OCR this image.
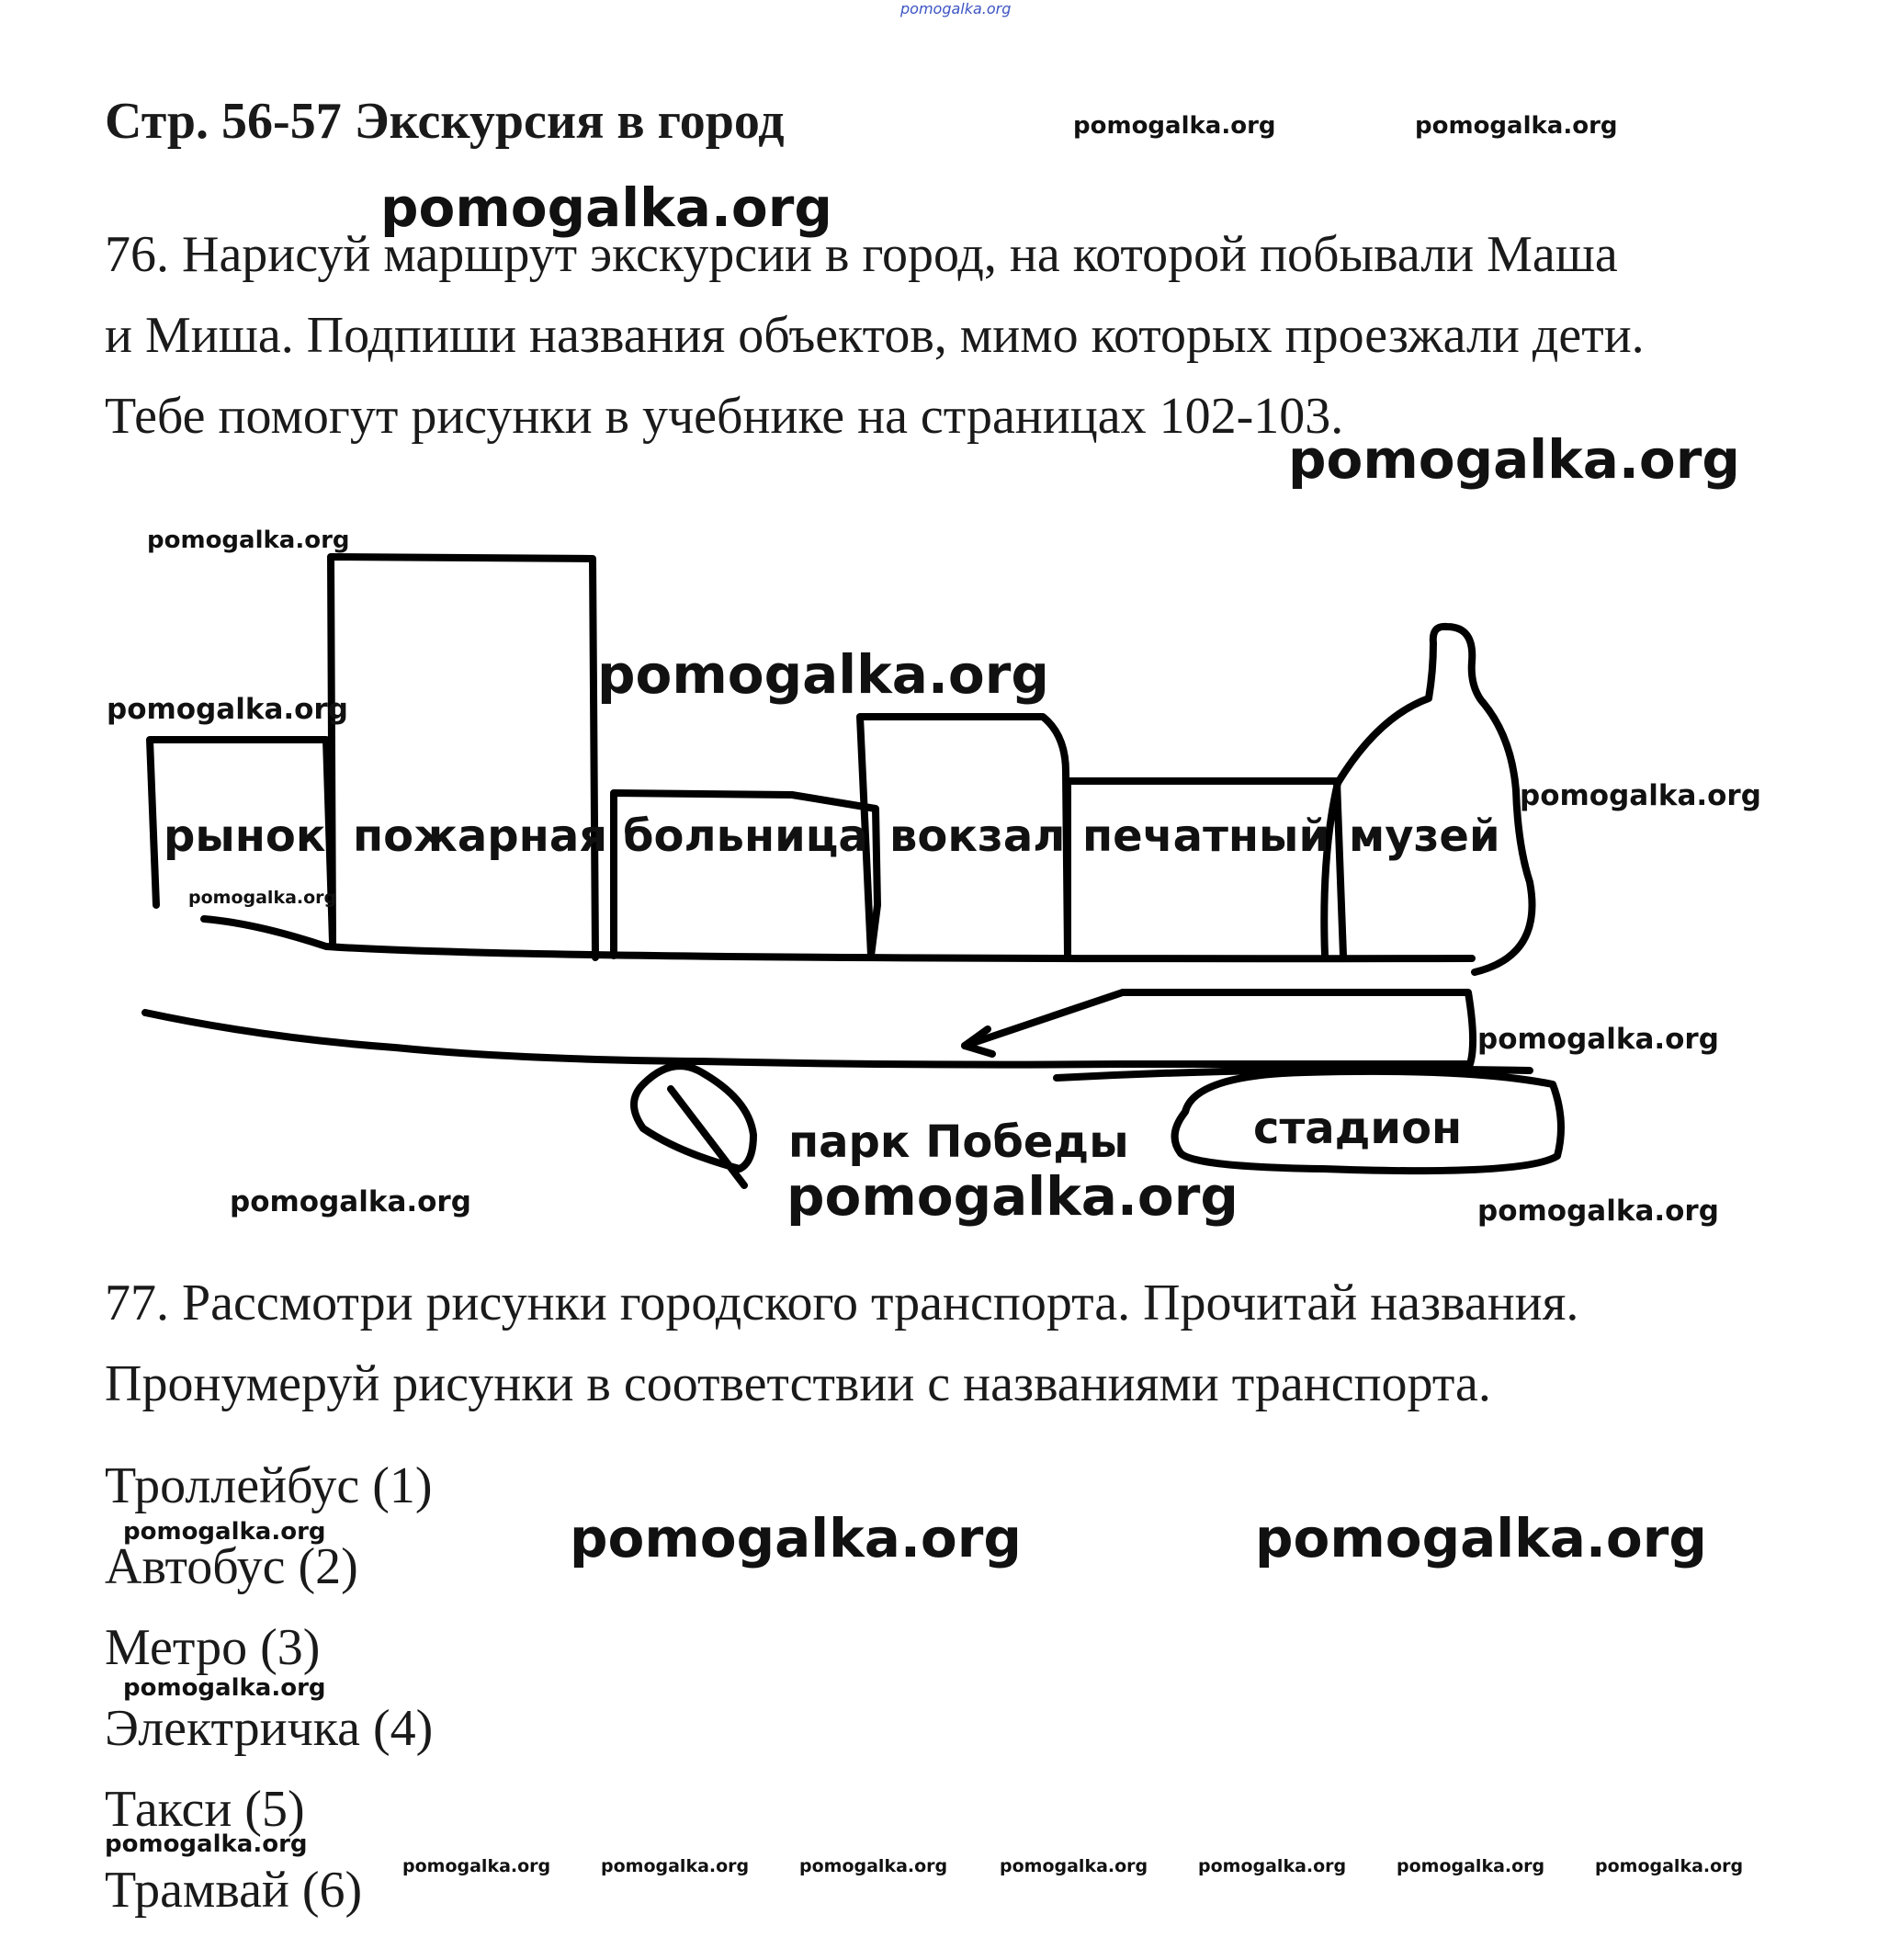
pomogalka.org
Стр. 56-57 Экскурсия в город	pomogalka.org	pomogalka.org
76. Нарисуй маршрут экскурсии в город, на которой побывали Маша
и Миша. Подпиши названия объектов, мимо которых проезжали дети.
Тебе помогут рисунки в учебнике на страницах 102-103.
pomogalka.org
pomogalka.org
рынок пожарная больница вокзал печатный музей
парк Победы	стадион
pomogalka.org
pomogalka.org
pomogalka.org
pomogalka.org
pomogalka.org
pomogalka.org
pomogalka.org
pomogalka.org	pomogalka.org
77. Рассмотри рисунки городского транспорта. Прочитай названия.
Пронумеруй рисунки в соответствии с названиями транспорта.
Троллейбус (1)
Автобус (2)
Метро (3)
Электричка (4)
Такси (5)
Трамвай (6)
pomogalka.org	pomogalka.org	pomogalka.org
pomogalka.org
pomogalka.org
pomogalka.org	pomogalka.org	pomogalka.org	pomogalka.org	pomogalka.org	pomogalka.org	pomogalka.org
